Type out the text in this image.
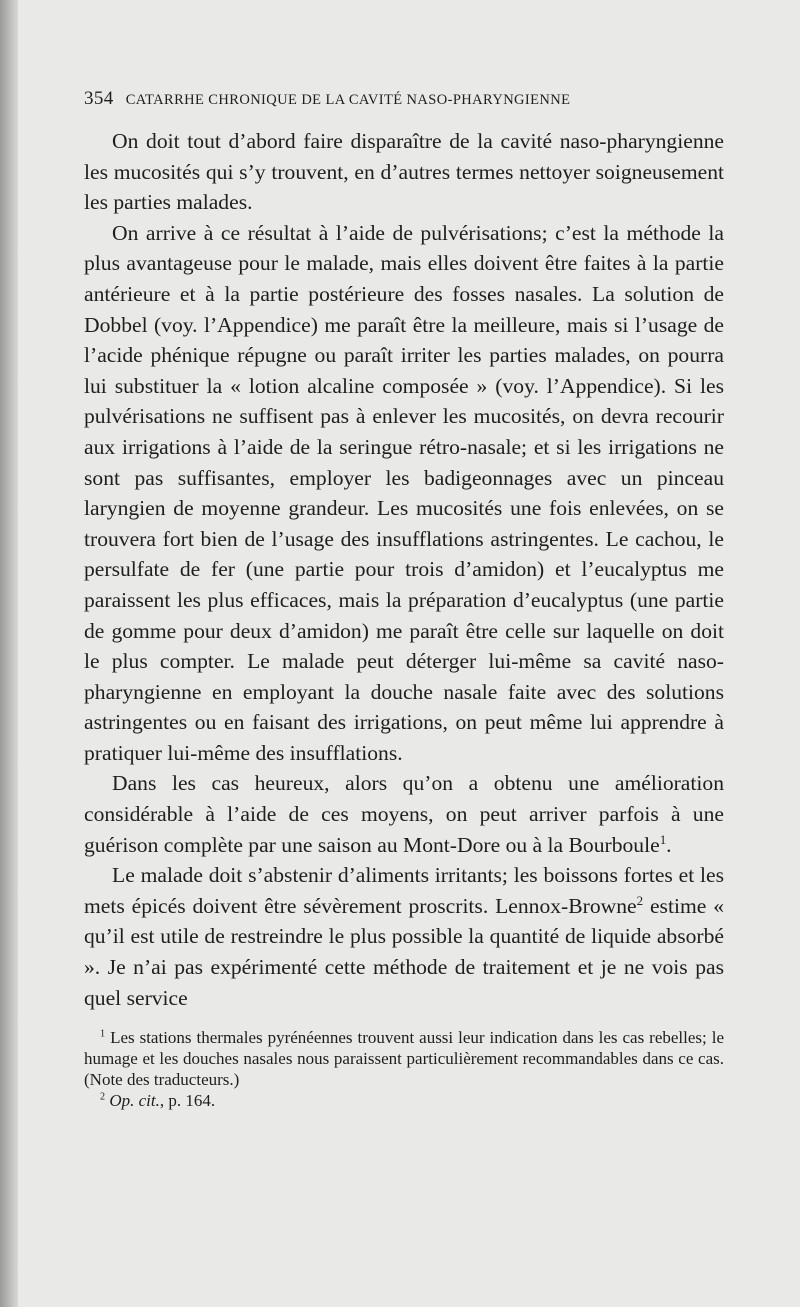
354 CATARRHE CHRONIQUE DE LA CAVITÉ NASO-PHARYNGIENNE

On doit tout d’abord faire disparaître de la cavité naso-pharyngienne les mucosités qui s’y trouvent, en d’autres termes nettoyer soigneusement les parties malades.

On arrive à ce résultat à l’aide de pulvérisations; c’est la méthode la plus avantageuse pour le malade, mais elles doivent être faites à la partie antérieure et à la partie postérieure des fosses nasales. La solution de Dobbel (voy. l’Appendice) me paraît être la meilleure, mais si l’usage de l’acide phénique répugne ou paraît irriter les parties malades, on pourra lui substituer la « lotion alcaline composée » (voy. l’Appendice). Si les pulvérisations ne suffisent pas à enlever les mucosités, on devra recourir aux irrigations à l’aide de la seringue rétro-nasale; et si les irrigations ne sont pas suffisantes, employer les badigeonnages avec un pinceau laryngien de moyenne grandeur. Les mucosités une fois enlevées, on se trouvera fort bien de l’usage des insufflations astringentes. Le cachou, le persulfate de fer (une partie pour trois d’amidon) et l’eucalyptus me paraissent les plus efficaces, mais la préparation d’eucalyptus (une partie de gomme pour deux d’amidon) me paraît être celle sur laquelle on doit le plus compter. Le malade peut déterger lui-même sa cavité naso-pharyngienne en employant la douche nasale faite avec des solutions astringentes ou en faisant des irrigations, on peut même lui apprendre à pratiquer lui-même des insufflations.

Dans les cas heureux, alors qu’on a obtenu une amélioration considérable à l’aide de ces moyens, on peut arriver parfois à une guérison complète par une saison au Mont-Dore ou à la Bourboule$^1$.

Le malade doit s’abstenir d’aliments irritants; les boissons fortes et les mets épicés doivent être sévèrement proscrits. Lennox-Browne$^2$ estime « qu’il est utile de restreindre le plus possible la quantité de liquide absorbé ». Je n’ai pas expérimenté cette méthode de traitement et je ne vois pas quel service

$^1$ Les stations thermales pyrénéennes trouvent aussi leur indication dans les cas rebelles; le humage et les douches nasales nous paraissent particulièrement recommandables dans ce cas. (Note des traducteurs.)

$^2$ Op. cit., p. 164.
